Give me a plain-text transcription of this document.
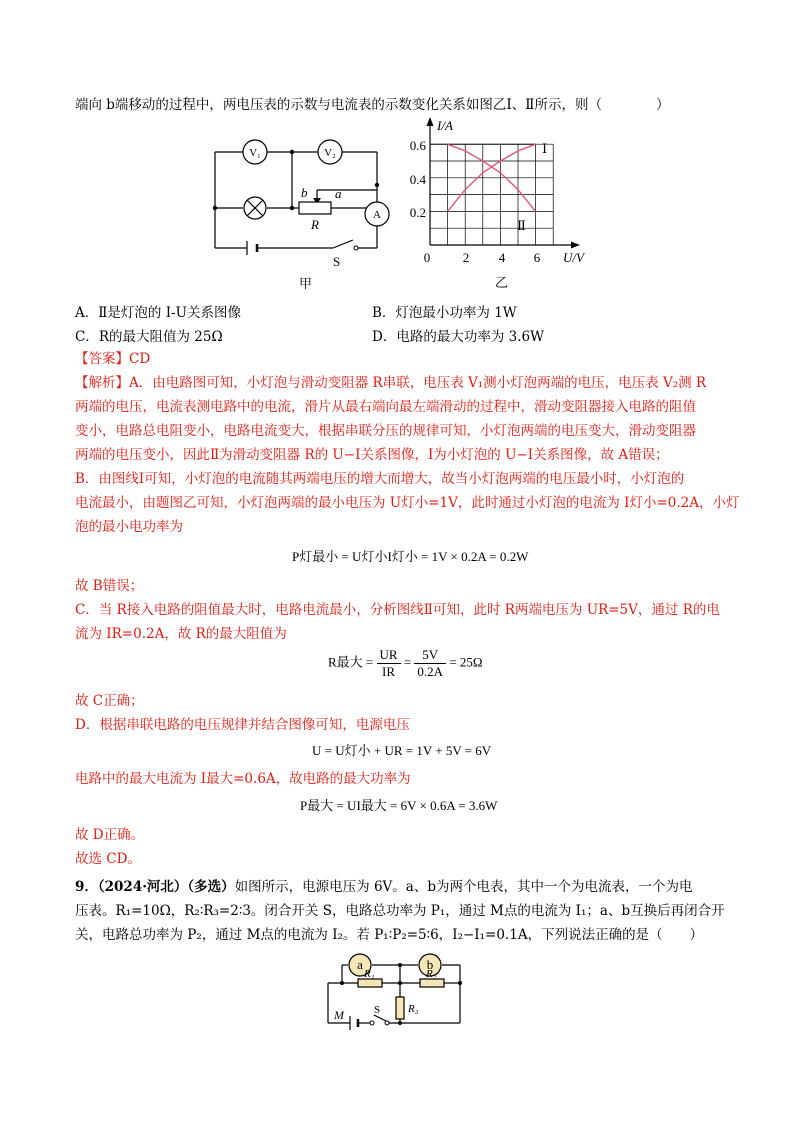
端向 b端移动的过程中，两电压表的示数与电流表的示数变化关系如图乙Ⅰ、Ⅱ所示，则（　　　　）
V₁	V₂
A
b a
R
S
甲
I/A
U/V
0
0.2
0.4
0.6
2 4 6
Ⅰ
Ⅱ
乙
A．Ⅱ是灯泡的 I-U关系图像	B．灯泡最小功率为 1W
C．R的最大阻值为 25Ω	D．电路的最大功率为 3.6W
【答案】CD
【解析】A．由电路图可知，小灯泡与滑动变阻器 R串联，电压表 V₁测小灯泡两端的电压，电压表 V₂测 R
两端的电压，电流表测电路中的电流，滑片从最右端向最左端滑动的过程中，滑动变阻器接入电路的阻值
变小，电路总电阻变小，电路电流变大，根据串联分压的规律可知，小灯泡两端的电压变大，滑动变阻器
两端的电压变小，因此Ⅱ为滑动变阻器 R的 U−I关系图像，Ⅰ为小灯泡的 U−I关系图像，故 A错误；
B．由图线Ⅰ可知，小灯泡的电流随其两端电压的增大而增大，故当小灯泡两端的电压最小时，小灯泡的
电流最小，由题图乙可知，小灯泡两端的最小电压为 U灯小=1V，此时通过小灯泡的电流为 I灯小=0.2A，小灯
泡的最小电功率为
P灯最小 = U灯小I灯小 = 1V × 0.2A = 0.2W
故 B错误；
C．当 R接入电路的阻值最大时，电路电流最小，分析图线Ⅱ可知，此时 R两端电压为 UR=5V，通过 R的电
流为 IR=0.2A，故 R的最大阻值为
R最大 = $\frac{UR}{IR} = \frac{5V}{0.2A} = 25\Omega$
故 C正确；
D．根据串联电路的电压规律并结合图像可知，电源电压
U = U灯小 + UR = 1V + 5V = 6V
电路中的最大电流为 I最大=0.6A，故电路的最大功率为
P最大 = UI最大 = 6V × 0.6A = 3.6W
故 D正确。
故选 CD。
9．（2024·河北）（多选）如图所示，电源电压为 6V。a、b为两个电表，其中一个为电流表，一个为电
压表。R₁=10Ω，R₂∶R₃=2∶3。闭合开关 S，电路总功率为 P₁，通过 M点的电流为 I₁；a、b互换后再闭合开
关，电路总功率为 P₂，通过 M点的电流为 I₂。若 P₁∶P₂=5∶6，I₂−I₁=0.1A，下列说法正确的是（　　）
a	b
R₁	R₂
R₃
M	S
